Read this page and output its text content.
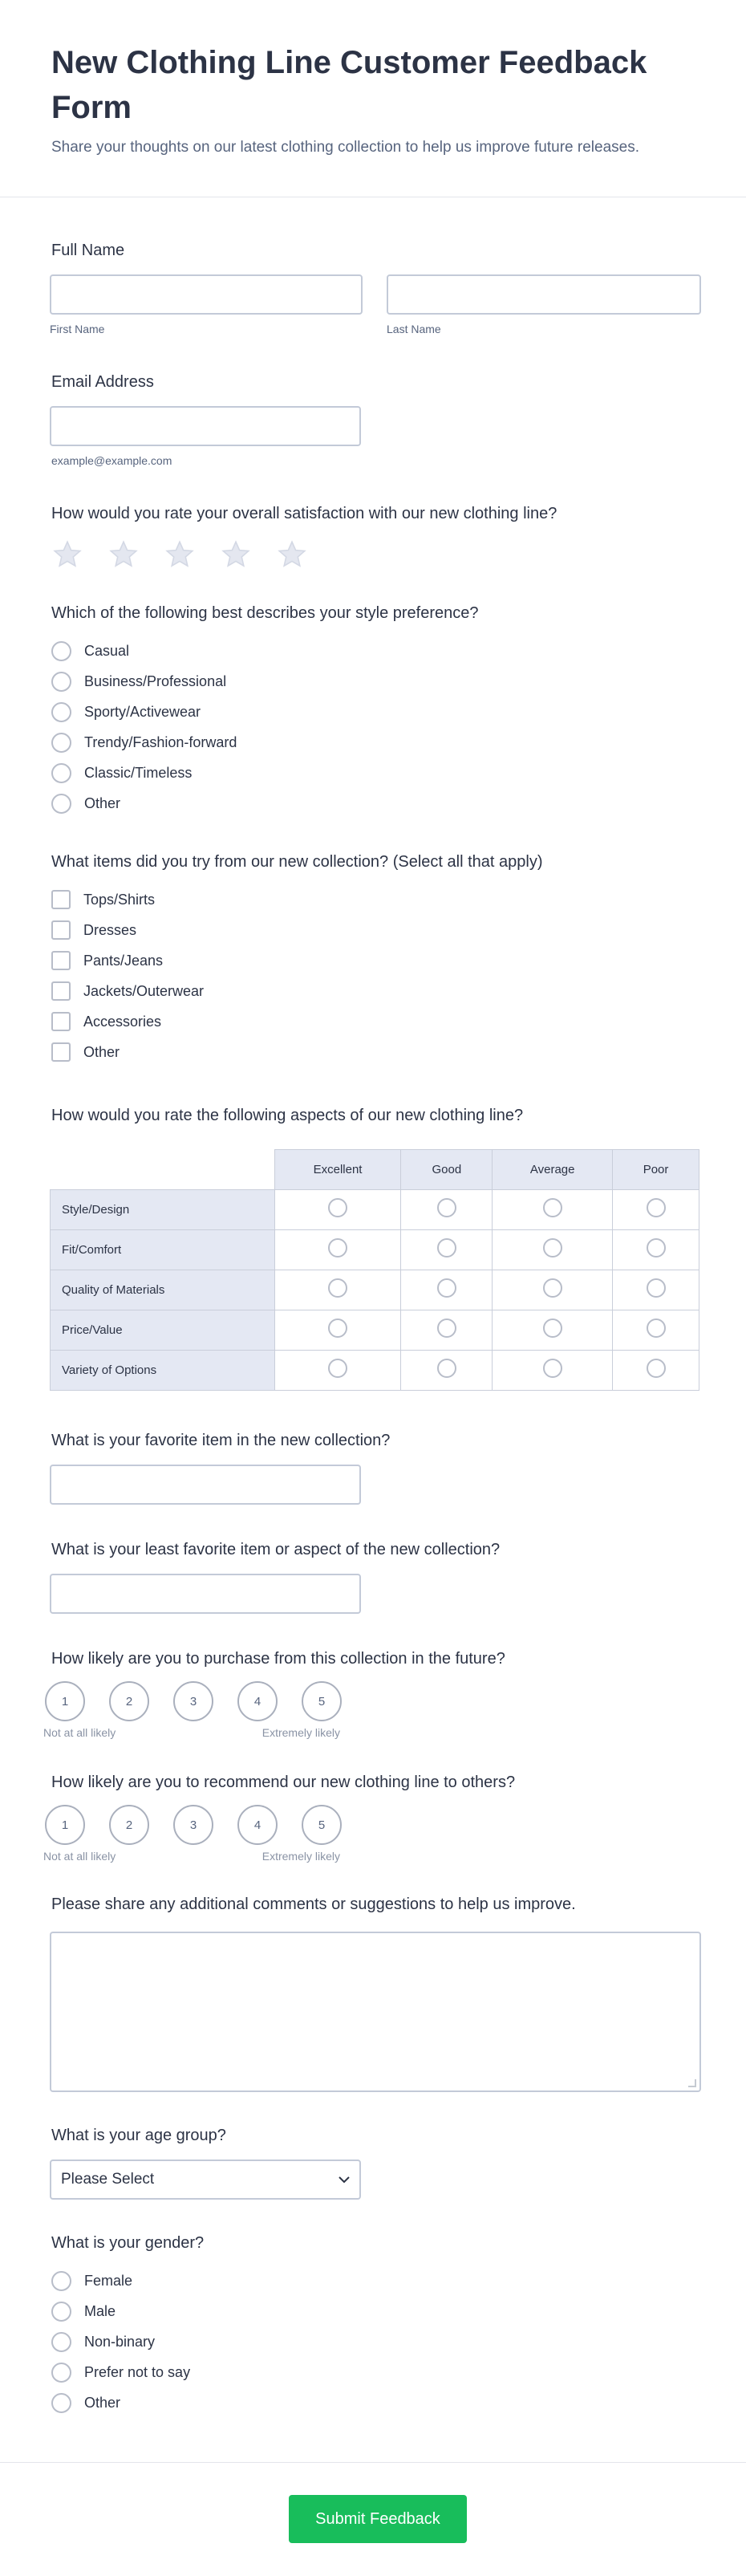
New Clothing Line Customer Feedback Form

Share your thoughts on our latest clothing collection to help us improve future releases.

Full Name
First Name	Last Name
Email Address
example@example.com
How would you rate your overall satisfaction with our new clothing line?
Which of the following best describes your style preference?
Casual
Business/Professional
Sporty/Activewear
Trendy/Fashion-forward
Classic/Timeless
Other
What items did you try from our new collection? (Select all that apply)
Tops/Shirts
Dresses
Pants/Jeans
Jackets/Outerwear
Accessories
Other
How would you rate the following aspects of our new clothing line?
	Excellent	Good	Average	Poor
Style/Design				
Fit/Comfort				
Quality of Materials				
Price/Value				
Variety of Options				
What is your favorite item in the new collection?
What is your least favorite item or aspect of the new collection?
How likely are you to purchase from this collection in the future?
1	2	3	4	5
Not at all likely	Extremely likely
How likely are you to recommend our new clothing line to others?
1	2	3	4	5
Not at all likely	Extremely likely
Please share any additional comments or suggestions to help us improve.
What is your age group?
Please Select
What is your gender?
Female
Male
Non-binary
Prefer not to say
Other
Submit Feedback
